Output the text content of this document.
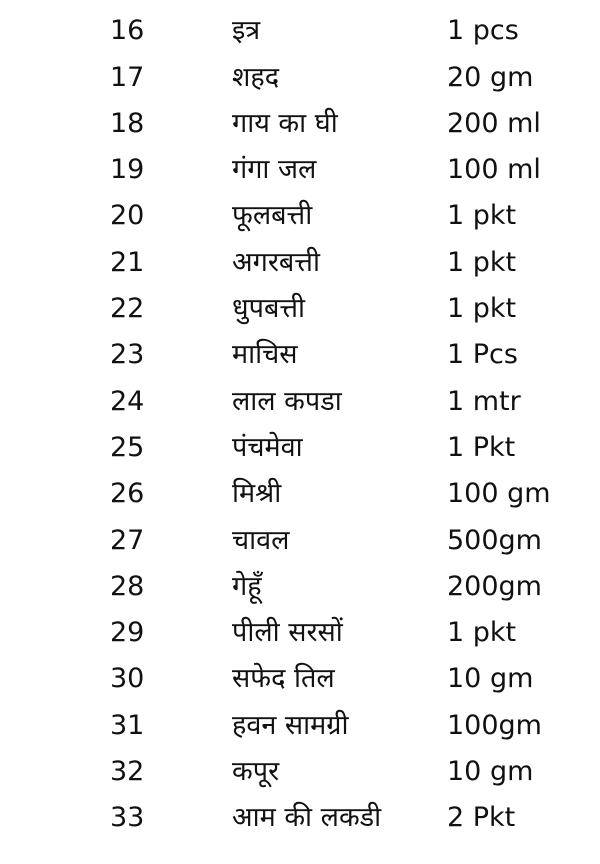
16	इत्र	1 pcs
17	शहद	20 gm
18	गाय का घी	200 ml
19	गंगा जल	100 ml
20	फूलबत्ती	1 pkt
21	अगरबत्ती	1 pkt
22	धुपबत्ती	1 pkt
23	माचिस	1 Pcs
24	लाल कपडा	1 mtr
25	पंचमेवा	1 Pkt
26	मिश्री	100 gm
27	चावल	500gm
28	गेहूँ	200gm
29	पीली सरसों	1 pkt
30	सफेद तिल	10 gm
31	हवन सामग्री	100gm
32	कपूर	10 gm
33	आम की लकडी 2 Pkt
